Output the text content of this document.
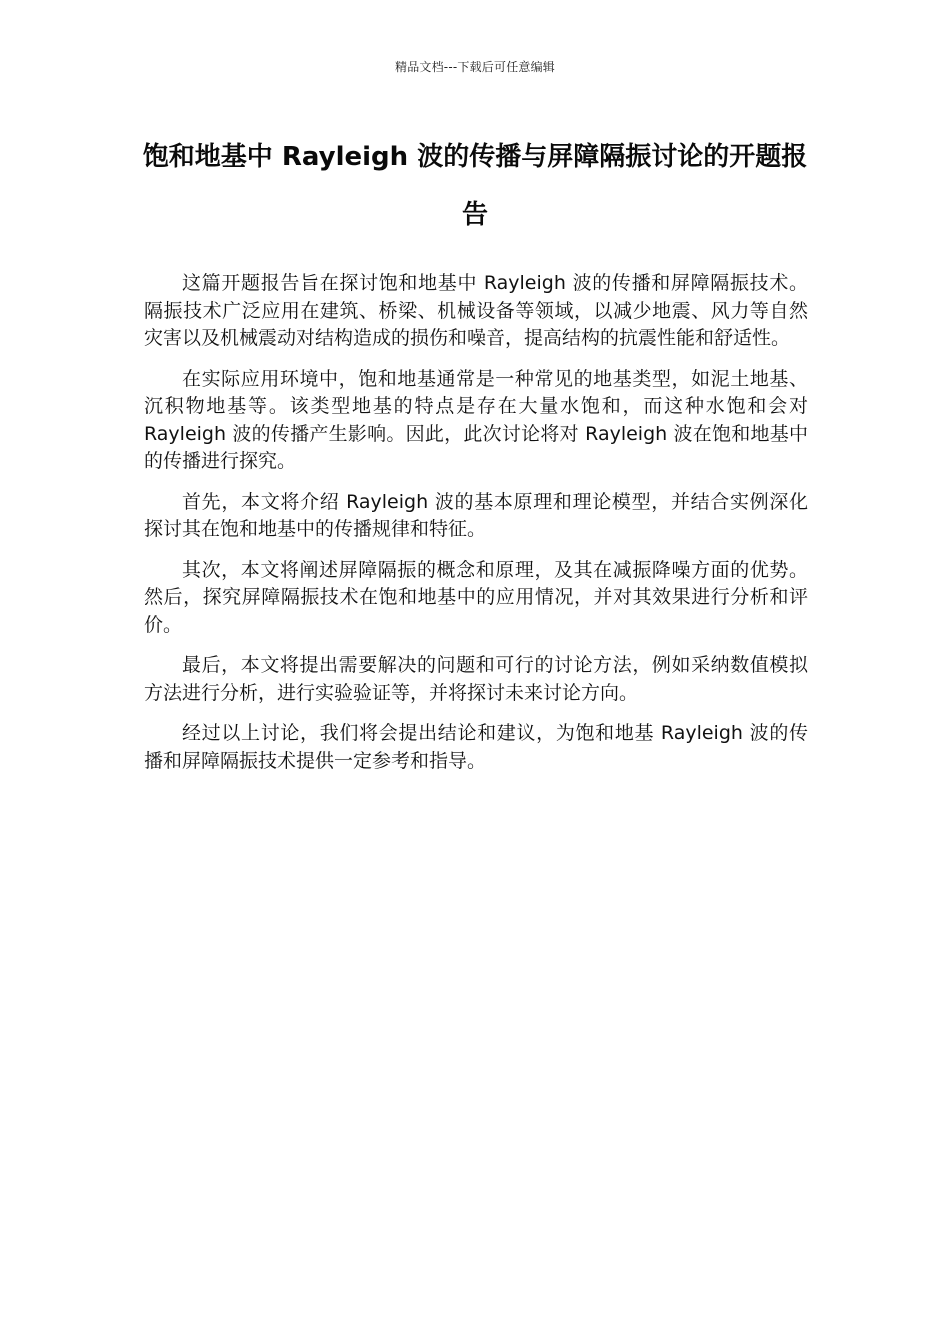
精品文档---下载后可任意编辑
饱和地基中 Rayleigh 波的传播与屏障隔振讨论的开题报告

这篇开题报告旨在探讨饱和地基中 Rayleigh 波的传播和屏障隔振技术。隔振技术广泛应用在建筑、桥梁、机械设备等领域，以减少地震、风力等自然灾害以及机械震动对结构造成的损伤和噪音，提高结构的抗震性能和舒适性。

在实际应用环境中，饱和地基通常是一种常见的地基类型，如泥土地基、沉积物地基等。该类型地基的特点是存在大量水饱和，而这种水饱和会对 Rayleigh 波的传播产生影响。因此，此次讨论将对 Rayleigh 波在饱和地基中的传播进行探究。

首先，本文将介绍 Rayleigh 波的基本原理和理论模型，并结合实例深化探讨其在饱和地基中的传播规律和特征。

其次，本文将阐述屏障隔振的概念和原理，及其在减振降噪方面的优势。然后，探究屏障隔振技术在饱和地基中的应用情况，并对其效果进行分析和评价。

最后，本文将提出需要解决的问题和可行的讨论方法，例如采纳数值模拟方法进行分析，进行实验验证等，并将探讨未来讨论方向。

经过以上讨论，我们将会提出结论和建议，为饱和地基 Rayleigh 波的传播和屏障隔振技术提供一定参考和指导。
